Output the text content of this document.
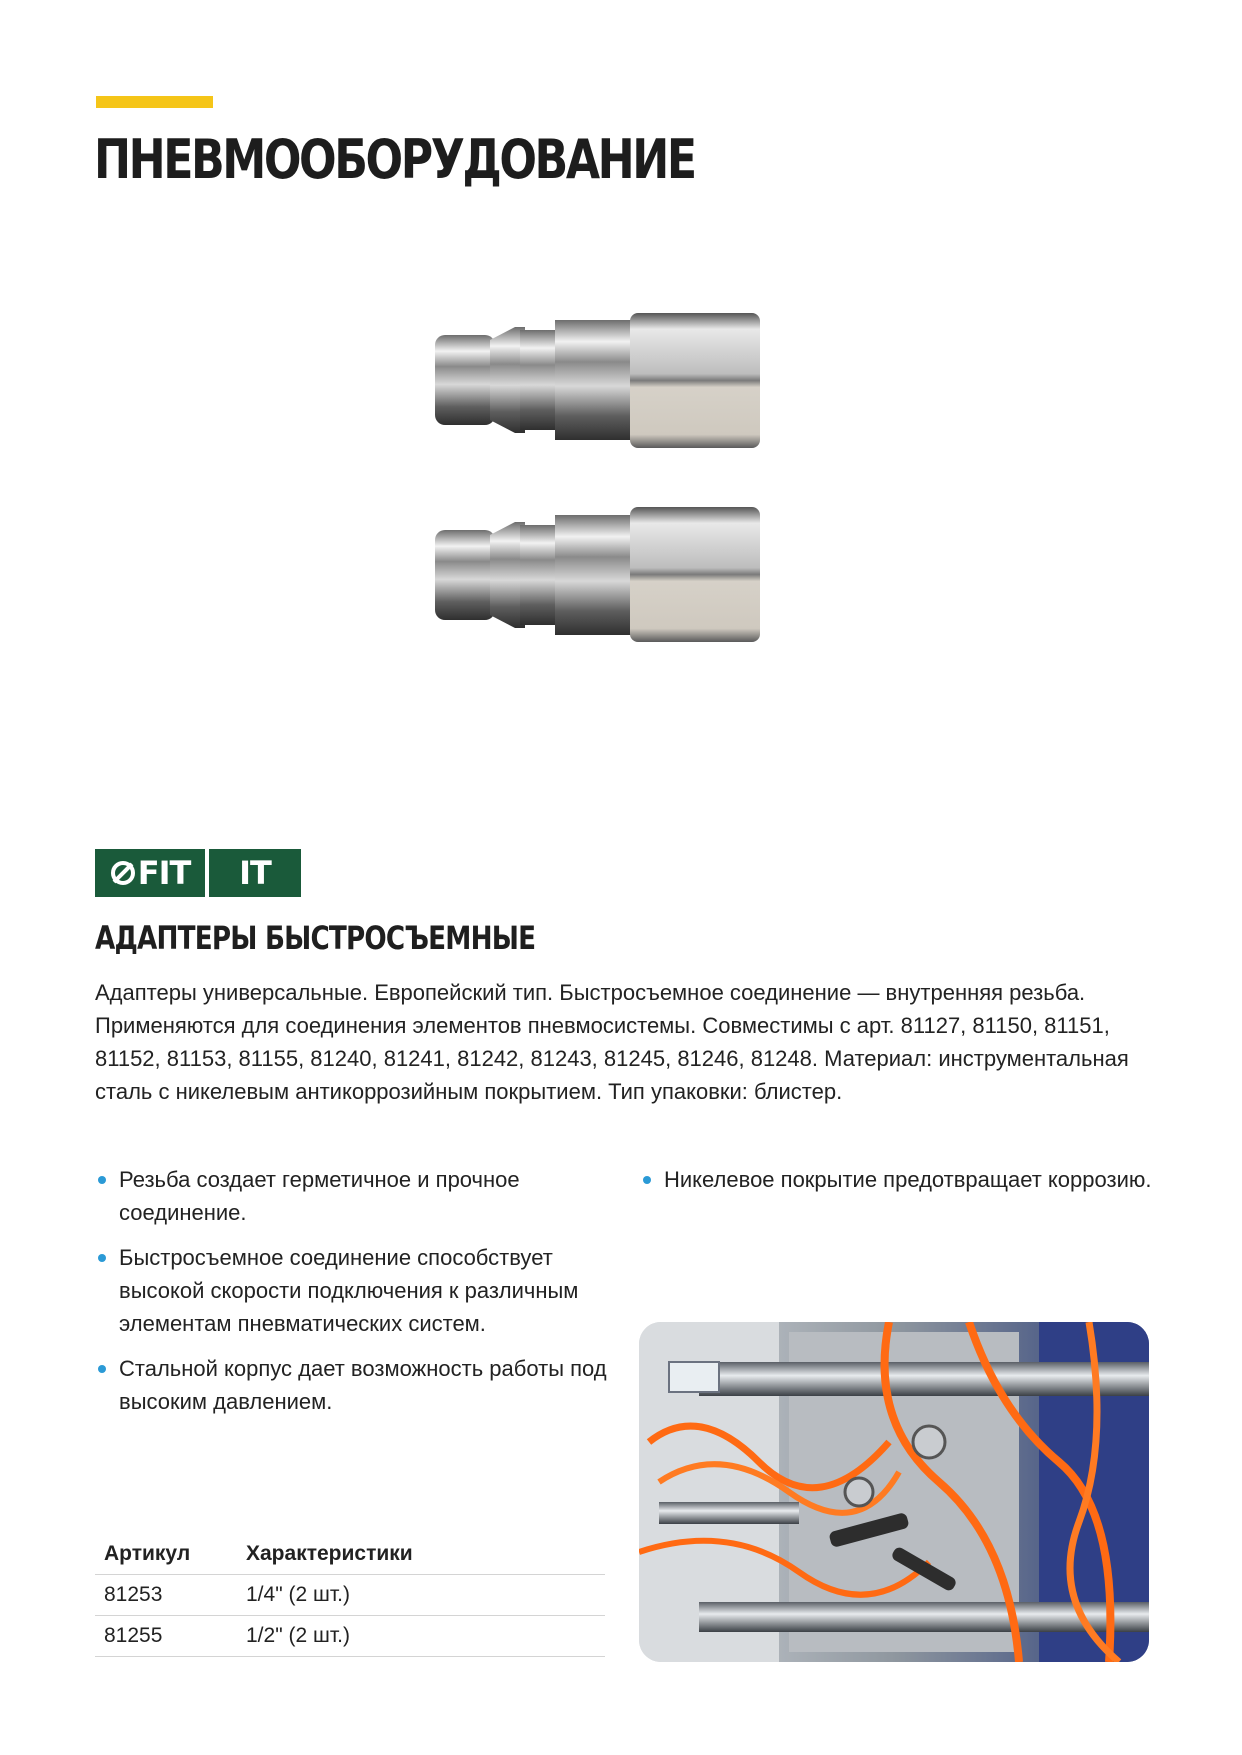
ПНЕВМООБОРУДОВАНИЕ
FIT IT
АДАПТЕРЫ БЫСТРОСЪЕМНЫЕ

Адаптеры универсальные. Европейский тип. Быстросъемное соединение — внутренняя резьба. Применяются для соединения элементов пневмосистемы. Совместимы с арт. 81127, 81150, 81151, 81152, 81153, 81155, 81240, 81241, 81242, 81243, 81245, 81246, 81248. Материал: инструментальная сталь с никелевым антикоррозийным покрытием. Тип упаковки: блистер.

Резьба создает герметичное и прочное соединение.
Быстросъемное соединение способствует высокой скорости подключения к различным элементам пневматических систем.
Стальной корпус дает возможность работы под высоким давлением.
Никелевое покрытие предотвращает коррозию.
Артикул	Характеристики
81253	1/4" (2 шт.)
81255	1/2" (2 шт.)
